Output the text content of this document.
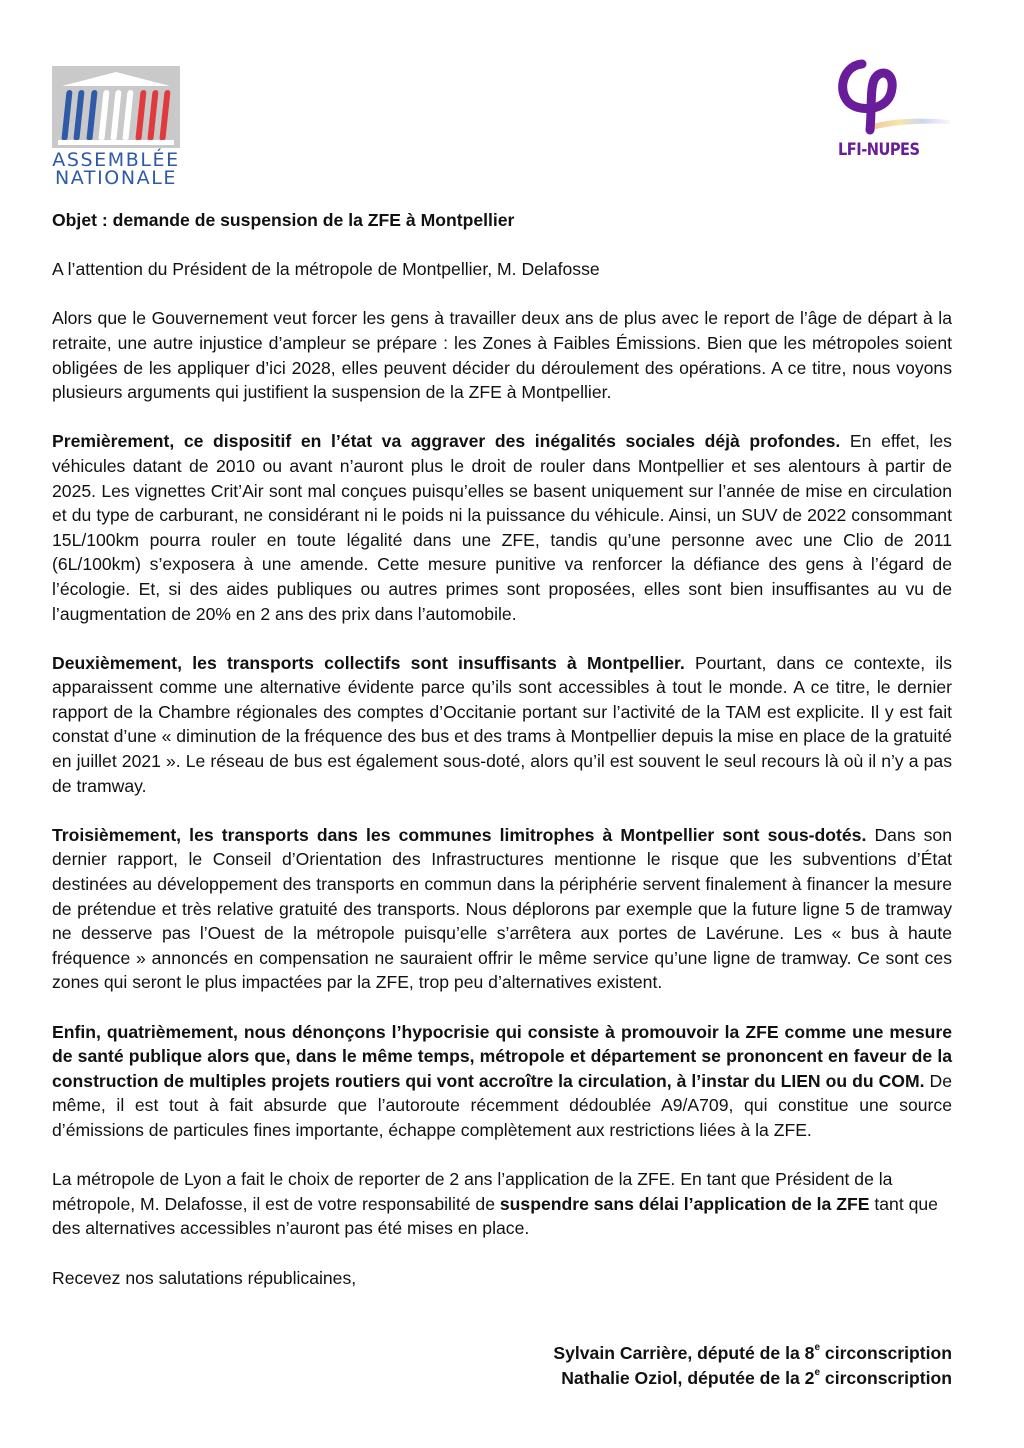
ASSEMBLÉE
NATIONALE
LFI-NUPES

Objet : demande de suspension de la ZFE à Montpellier

A l’attention du Président de la métropole de Montpellier, M. Delafosse

Alors que le Gouvernement veut forcer les gens à travailler deux ans de plus avec le report de l’âge de départ à la retraite, une autre injustice d’ampleur se prépare : les Zones à Faibles Émissions. Bien que les métropoles soient obligées de les appliquer d’ici 2028, elles peuvent décider du déroulement des opérations. A ce titre, nous voyons plusieurs arguments qui justifient la suspension de la ZFE à Montpellier.

Premièrement, ce dispositif en l’état va aggraver des inégalités sociales déjà profondes. En effet, les véhicules datant de 2010 ou avant n’auront plus le droit de rouler dans Montpellier et ses alentours à partir de 2025. Les vignettes Crit’Air sont mal conçues puisqu’elles se basent uniquement sur l’année de mise en circulation et du type de carburant, ne considérant ni le poids ni la puissance du véhicule. Ainsi, un SUV de 2022 consommant 15L/100km pourra rouler en toute légalité dans une ZFE, tandis qu’une personne avec une Clio de 2011 (6L/100km) s’exposera à une amende. Cette mesure punitive va renforcer la défiance des gens à l’égard de l’écologie. Et, si des aides publiques ou autres primes sont proposées, elles sont bien insuffisantes au vu de l’augmentation de 20% en 2 ans des prix dans l’automobile.

Deuxièmement, les transports collectifs sont insuffisants à Montpellier. Pourtant, dans ce contexte, ils apparaissent comme une alternative évidente parce qu’ils sont accessibles à tout le monde. A ce titre, le dernier rapport de la Chambre régionales des comptes d’Occitanie portant sur l’activité de la TAM est explicite. Il y est fait constat d’une « diminution de la fréquence des bus et des trams à Montpellier depuis la mise en place de la gratuité en juillet 2021 ». Le réseau de bus est également sous-doté, alors qu’il est souvent le seul recours là où il n’y a pas de tramway.

Troisièmement, les transports dans les communes limitrophes à Montpellier sont sous-dotés. Dans son dernier rapport, le Conseil d’Orientation des Infrastructures mentionne le risque que les subventions d’État destinées au développement des transports en commun dans la périphérie servent finalement à financer la mesure de prétendue et très relative gratuité des transports. Nous déplorons par exemple que la future ligne 5 de tramway ne desserve pas l’Ouest de la métropole puisqu’elle s’arrêtera aux portes de Lavérune. Les « bus à haute fréquence » annoncés en compensation ne sauraient offrir le même service qu’une ligne de tramway. Ce sont ces zones qui seront le plus impactées par la ZFE, trop peu d’alternatives existent.

Enfin, quatrièmement, nous dénonçons l’hypocrisie qui consiste à promouvoir la ZFE comme une mesure de santé publique alors que, dans le même temps, métropole et département se prononcent en faveur de la construction de multiples projets routiers qui vont accroître la circulation, à l’instar du LIEN ou du COM. De même, il est tout à fait absurde que l’autoroute récemment dédoublée A9/A709, qui constitue une source d’émissions de particules fines importante, échappe complètement aux restrictions liées à la ZFE.

La métropole de Lyon a fait le choix de reporter de 2 ans l’application de la ZFE. En tant que Président de la métropole, M. Delafosse, il est de votre responsabilité de suspendre sans délai l’application de la ZFE tant que des alternatives accessibles n’auront pas été mises en place.

Recevez nos salutations républicaines,

Sylvain Carrière, député de la 8e circonscription
Nathalie Oziol, députée de la 2e circonscription
